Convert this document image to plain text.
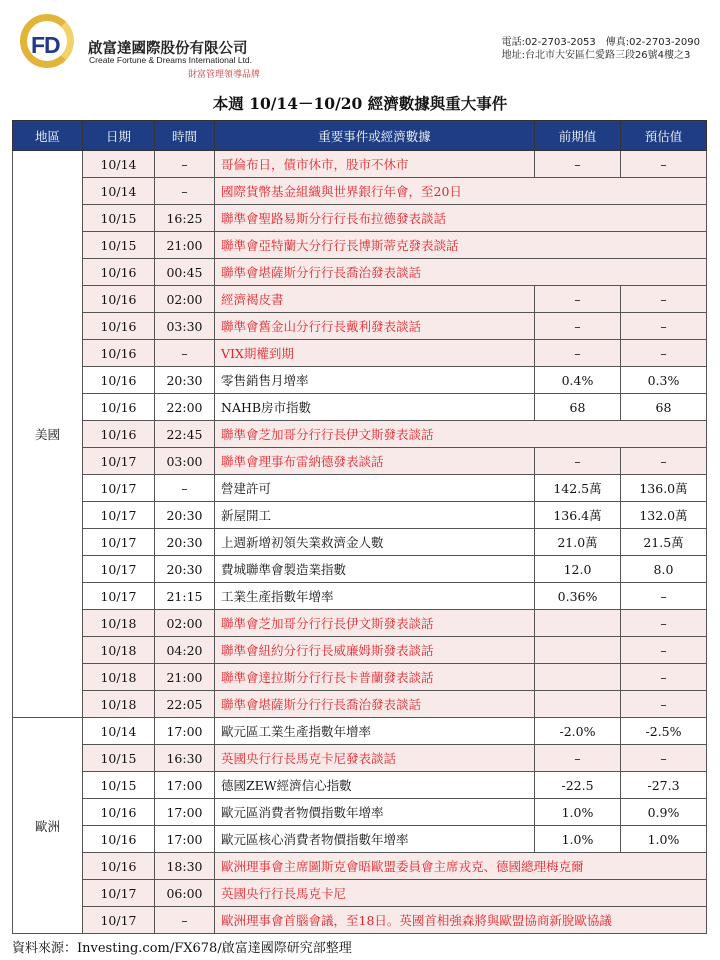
FD 啟富達國際股份有限公司
Create Fortune & Dreams International Ltd.
財富管理領導品牌
電話:02-2703-2053　傳真:02-2703-2090
地址:台北市大安區仁愛路三段26號4樓之3
本週 10/14－10/20 經濟數據與重大事件
地區	日期	時間	重要事件或經濟數據	前期值	預估值
美國	10/14	–	哥倫布日，債市休市，股市不休市	–	–
	10/14	–	國際貨幣基金組織與世界銀行年會，至20日		
	10/15	16:25	聯準會聖路易斯分行行長布拉德發表談話		
	10/15	21:00	聯準會亞特蘭大分行行長博斯蒂克發表談話		
	10/16	00:45	聯準會堪薩斯分行行長喬治發表談話		
	10/16	02:00	經濟褐皮書	–	–
	10/16	03:30	聯準會舊金山分行行長戴利發表談話	–	–
	10/16	–	VIX期權到期	–	–
	10/16	20:30	零售銷售月增率	0.4%	0.3%
	10/16	22:00	NAHB房市指數	68	68
	10/16	22:45	聯準會芝加哥分行行長伊文斯發表談話		
	10/17	03:00	聯準會理事布雷納德發表談話	–	–
	10/17	–	營建許可	142.5萬	136.0萬
	10/17	20:30	新屋開工	136.4萬	132.0萬
	10/17	20:30	上週新增初領失業救濟金人數	21.0萬	21.5萬
	10/17	20:30	費城聯準會製造業指數	12.0	8.0
	10/17	21:15	工業生產指數年增率	0.36%	–
	10/18	02:00	聯準會芝加哥分行行長伊文斯發表談話		–
	10/18	04:20	聯準會紐約分行行長威廉姆斯發表談話		–
	10/18	21:00	聯準會達拉斯分行行長卡普蘭發表談話		–
	10/18	22:05	聯準會堪薩斯分行行長喬治發表談話		–
歐洲	10/14	17:00	歐元區工業生產指數年增率	-2.0%	-2.5%
	10/15	16:30	英國央行行長馬克卡尼發表談話	–	–
	10/15	17:00	德國ZEW經濟信心指數	-22.5	-27.3
	10/16	17:00	歐元區消費者物價指數年增率	1.0%	0.9%
	10/16	17:00	歐元區核心消費者物價指數年增率	1.0%	1.0%
	10/16	18:30	歐洲理事會主席圖斯克會晤歐盟委員會主席戎克、德國總理梅克爾		
	10/17	06:00	英國央行行長馬克卡尼		
	10/17	–	歐洲理事會首腦會議，至18日。英國首相強森將與歐盟協商新脫歐協議		
資料來源：Investing.com/FX678/啟富達國際研究部整理
